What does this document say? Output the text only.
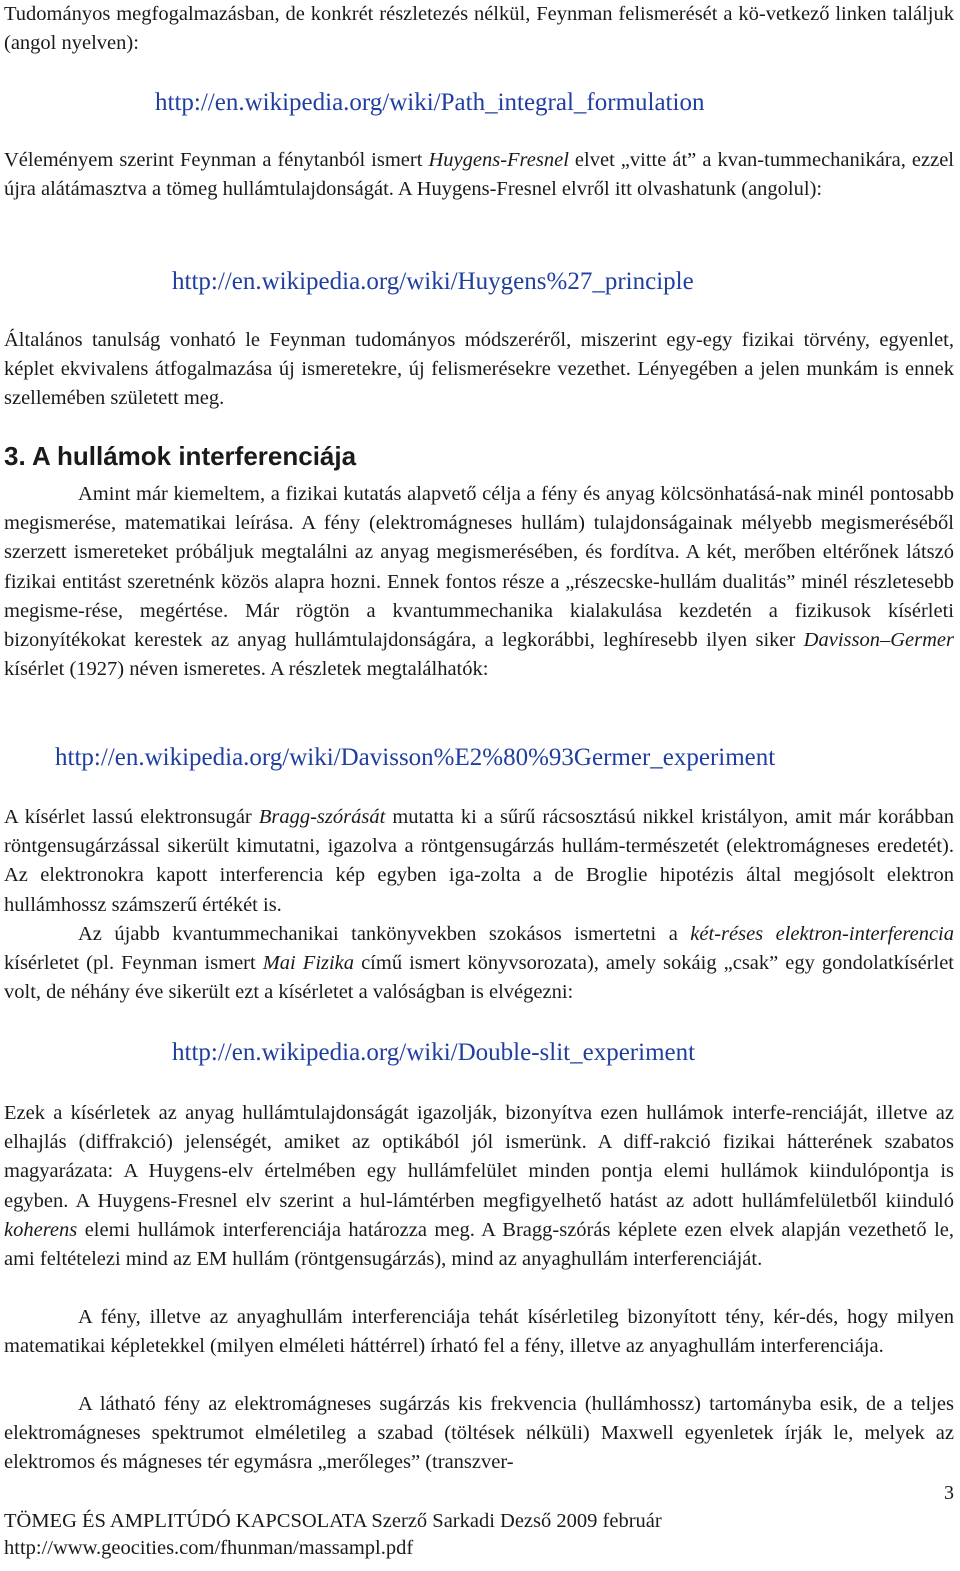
Tudományos megfogalmazásban, de konkrét részletezés nélkül, Feynman felismerését a kö-vetkező linken találjuk (angol nyelven):

http://en.wikipedia.org/wiki/Path_integral_formulation

Véleményem szerint Feynman a fénytanból ismert Huygens-Fresnel elvet „vitte át” a kvan-tummechanikára, ezzel újra alátámasztva a tömeg hullámtulajdonságát. A Huygens-Fresnel elvről itt olvashatunk (angolul):

http://en.wikipedia.org/wiki/Huygens%27_principle

Általános tanulság vonható le Feynman tudományos módszeréről, miszerint egy-egy fizikai törvény, egyenlet, képlet ekvivalens átfogalmazása új ismeretekre, új felismerésekre vezethet. Lényegében a jelen munkám is ennek szellemében született meg.

3. A hullámok interferenciája

Amint már kiemeltem, a fizikai kutatás alapvető célja a fény és anyag kölcsönhatásá-nak minél pontosabb megismerése, matematikai leírása. A fény (elektromágneses hullám) tulajdonságainak mélyebb megismeréséből szerzett ismereteket próbáljuk megtalálni az anyag megismerésében, és fordítva. A két, merőben eltérőnek látszó fizikai entitást szeretnénk közös alapra hozni. Ennek fontos része a „részecske-hullám dualitás” minél részletesebb megisme-rése, megértése. Már rögtön a kvantummechanika kialakulása kezdetén a fizikusok kísérleti bizonyítékokat kerestek az anyag hullámtulajdonságára, a legkorábbi, leghíresebb ilyen siker Davisson–Germer kísérlet (1927) néven ismeretes. A részletek megtalálhatók:

http://en.wikipedia.org/wiki/Davisson%E2%80%93Germer_experiment

A kísérlet lassú elektronsugár Bragg-szórását mutatta ki a sűrű rácsosztású nikkel kristályon, amit már korábban röntgensugárzással sikerült kimutatni, igazolva a röntgensugárzás hullám-természetét (elektromágneses eredetét). Az elektronokra kapott interferencia kép egyben iga-zolta a de Broglie hipotézis által megjósolt elektron hullámhossz számszerű értékét is.

Az újabb kvantummechanikai tankönyvekben szokásos ismertetni a két-réses elektron-interferencia kísérletet (pl. Feynman ismert Mai Fizika című ismert könyvsorozata), amely sokáig „csak” egy gondolatkísérlet volt, de néhány éve sikerült ezt a kísérletet a valóságban is elvégezni:

http://en.wikipedia.org/wiki/Double-slit_experiment

Ezek a kísérletek az anyag hullámtulajdonságát igazolják, bizonyítva ezen hullámok interfe-renciáját, illetve az elhajlás (diffrakció) jelenségét, amiket az optikából jól ismerünk. A diff-rakció fizikai hátterének szabatos magyarázata: A Huygens-elv értelmében egy hullámfelület minden pontja elemi hullámok kiindulópontja is egyben. A Huygens-Fresnel elv szerint a hul-lámtérben megfigyelhető hatást az adott hullámfelületből kiinduló koherens elemi hullámok interferenciája határozza meg. A Bragg-szórás képlete ezen elvek alapján vezethető le, ami feltételezi mind az EM hullám (röntgensugárzás), mind az anyaghullám interferenciáját.

A fény, illetve az anyaghullám interferenciája tehát kísérletileg bizonyított tény, kér-dés, hogy milyen matematikai képletekkel (milyen elméleti háttérrel) írható fel a fény, illetve az anyaghullám interferenciája.

A látható fény az elektromágneses sugárzás kis frekvencia (hullámhossz) tartományba esik, de a teljes elektromágneses spektrumot elméletileg a szabad (töltések nélküli) Maxwell egyenletek írják le, melyek az elektromos és mágneses tér egymásra „merőleges” (transzver-

3
TÖMEG ÉS AMPLITÚDÓ KAPCSOLATA Szerző Sarkadi Dezső 2009 február
http://www.geocities.com/fhunman/massampl.pdf
